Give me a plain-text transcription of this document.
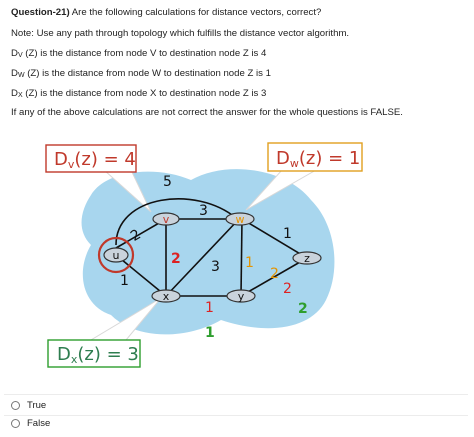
Question-21) Are the following calculations for distance vectors, correct?
Note: Use any path through topology which fulfills the distance vector algorithm.
DV (Z) is the distance from node V to destination node Z is 4
DW (Z) is the distance from node W to destination node Z is 1
DX (Z) is the distance from node X to destination node Z is 3
If any of the above calculations are not correct the answer for the whole questions is FALSE.
u
v	w
x	y
z
5
3
2
1
2 3 1
1
1
2
2
2
1
Dv(z) = 4	Dw(z) = 1
Dx(z) = 3
True
False
